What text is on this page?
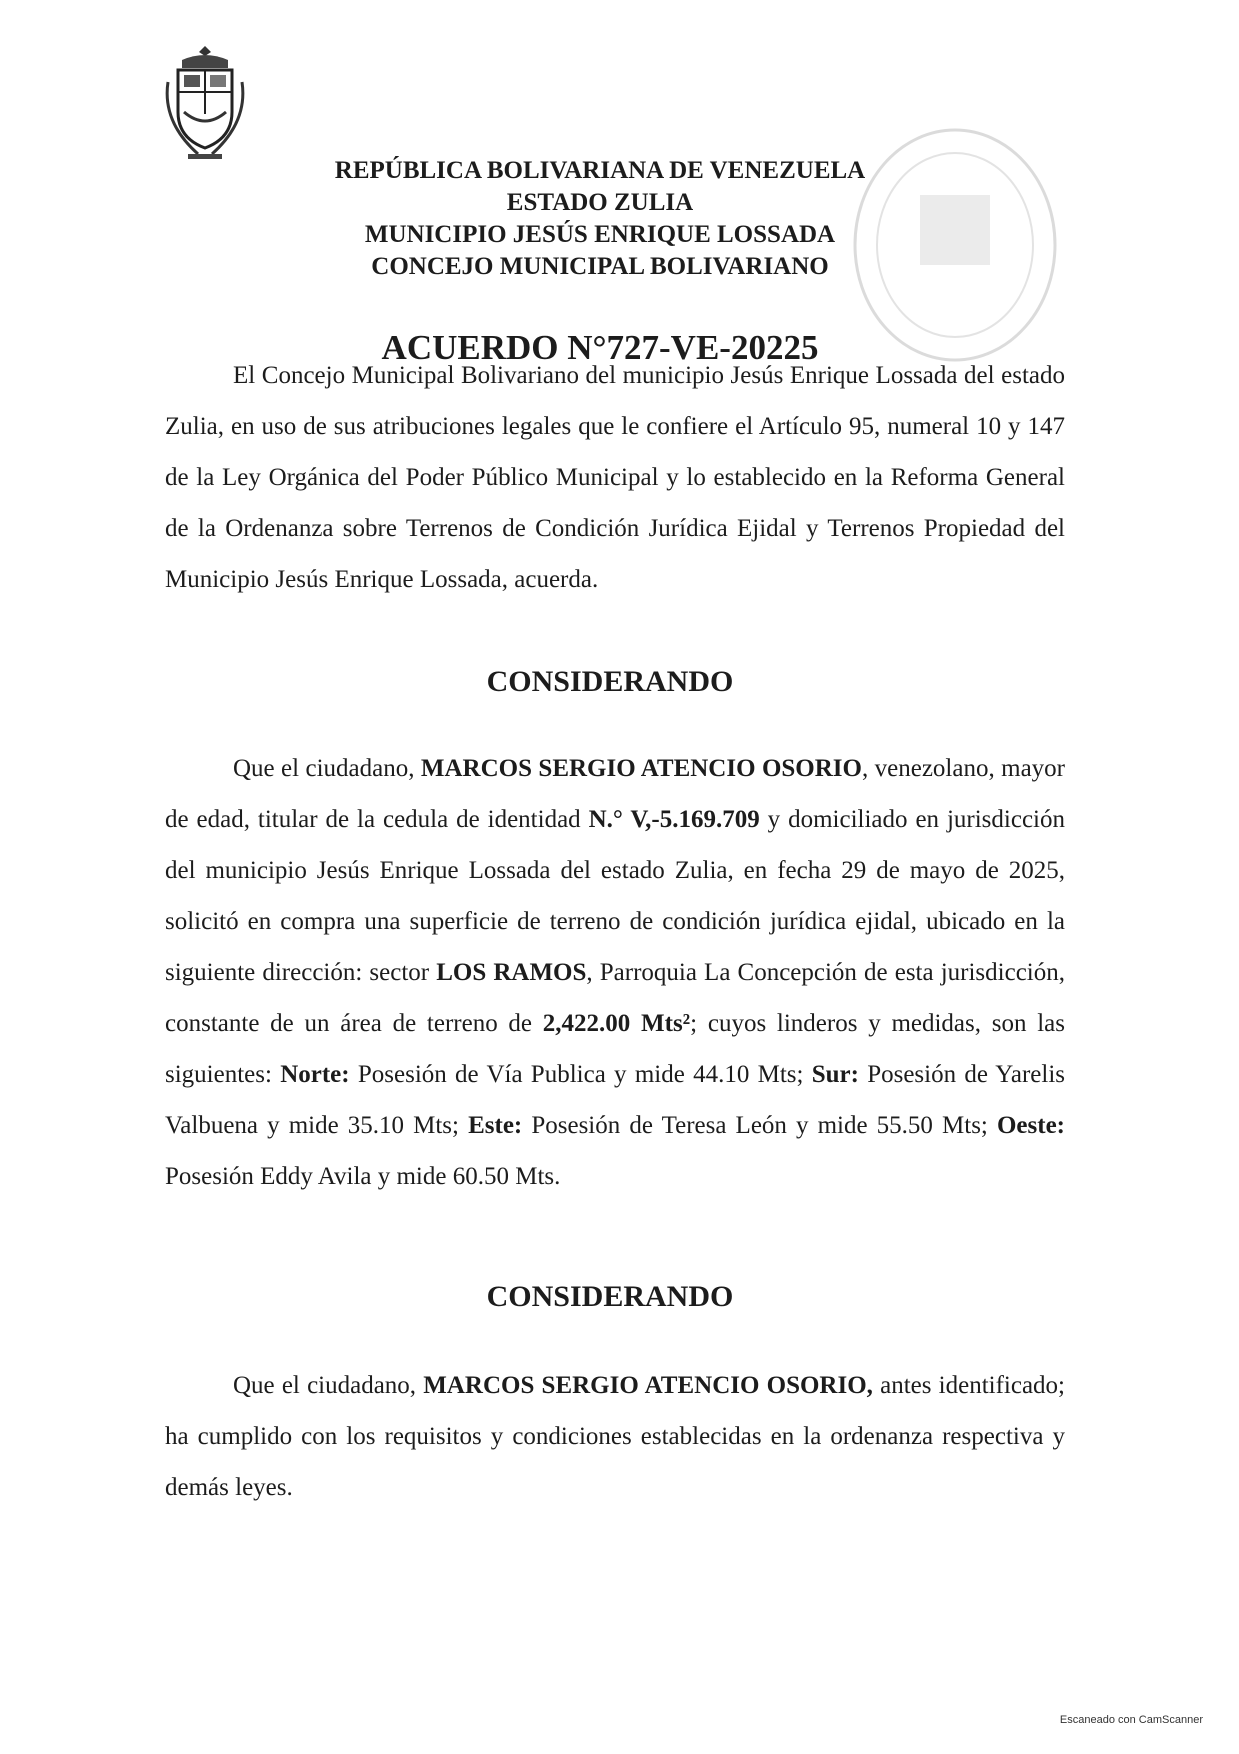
REPÚBLICA BOLIVARIANA DE VENEZUELA
ESTADO ZULIA
MUNICIPIO JESÚS ENRIQUE LOSSADA
CONCEJO MUNICIPAL BOLIVARIANO
ACUERDO N°727-VE-20225
El Concejo Municipal Bolivariano del municipio Jesús Enrique Lossada del estado Zulia, en uso de sus atribuciones legales que le confiere el Artículo 95, numeral 10 y 147 de la Ley Orgánica del Poder Público Municipal y lo establecido en la Reforma General de la Ordenanza sobre Terrenos de Condición Jurídica Ejidal y Terrenos Propiedad del Municipio Jesús Enrique Lossada, acuerda.
CONSIDERANDO
Que el ciudadano, MARCOS SERGIO ATENCIO OSORIO, venezolano, mayor de edad, titular de la cedula de identidad N.° V,-5.169.709 y domiciliado en jurisdicción del municipio Jesús Enrique Lossada del estado Zulia, en fecha 29 de mayo de 2025, solicitó en compra una superficie de terreno de condición jurídica ejidal, ubicado en la siguiente dirección: sector LOS RAMOS, Parroquia La Concepción de esta jurisdicción, constante de un área de terreno de 2,422.00 Mts²; cuyos linderos y medidas, son las siguientes: Norte: Posesión de Vía Publica y mide 44.10 Mts; Sur: Posesión de Yarelis Valbuena y mide 35.10 Mts; Este: Posesión de Teresa León y mide 55.50 Mts; Oeste: Posesión Eddy Avila y mide 60.50 Mts.
CONSIDERANDO
Que el ciudadano, MARCOS SERGIO ATENCIO OSORIO, antes identificado; ha cumplido con los requisitos y condiciones establecidas en la ordenanza respectiva y demás leyes.
Escaneado con CamScanner
